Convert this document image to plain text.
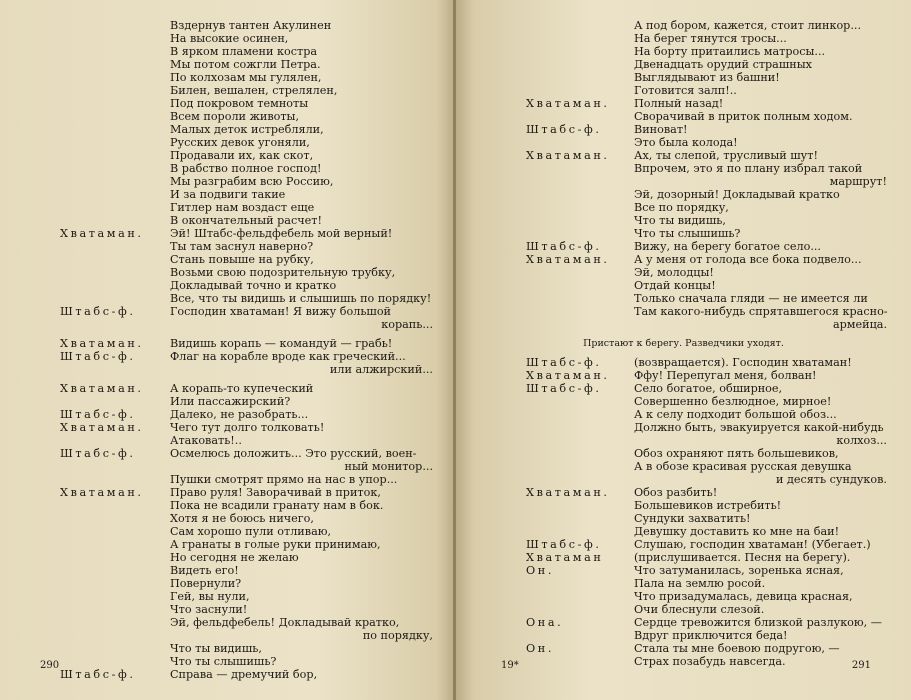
Вздернув тантен Акулинен
На высокие осинен,
В ярком пламени костра
Мы потом сожгли Петра.
По колхозам мы гулялен,
Билен, вешален, стрелялен,
Под покровом темноты
Всем пороли животы,
Малых деток истребляли,
Русских девок угоняли,
Продавали их, как скот,
В рабство полное господ!
Мы разграбим всю Россию,
И за подвиги такие
Гитлер нам воздаст еще
В окончательный расчет!
Хватаман. Эй! Штабс-фельдфебель мой верный!
Ты там заснул наверно?
Стань повыше на рубку,
Возьми свою подозрительную трубку,
Докладывай точно и кратко
Все, что ты видишь и слышишь по порядку!
Штабс-ф.	Господин хватаман! Я вижу большой
корапь...
Хватаман. Видишь корапь — командуй — грабь!
Штабс-ф.	Флаг на корабле вроде как греческий...
или алжирский...
Хватаман. А корапь-то купеческий
Или пассажирский?
Штабс-ф.	Далеко, не разобрать...
Хватаман. Чего тут долго толковать!
Атаковать!..
Штабс-ф.	Осмелюсь доложить... Это русский, воен-
ный монитор...
Пушки смотрят прямо на нас в упор...
Хватаман. Право руля! Заворачивай в приток,
Пока не всадили гранату нам в бок.
Хотя я не боюсь ничего,
Сам хорошо пули отливаю,
А гранаты в голые руки принимаю,
Но сегодня не желаю
Видеть его!
Повернули?
Гей, вы нули,
Что заснули!
Эй, фельдфебель! Докладывай кратко,
по порядку,
Что ты видишь,
Что ты слышишь?
Штабс-ф.	Справа — дремучий бор,
290
А под бором, кажется, стоит линкор...
На берег тянутся тросы...
На борту притаились матросы...
Двенадцать орудий страшных
Выглядывают из башни!
Готовится залп!..
Хватаман. Полный назад!
Сворачивай в приток полным ходом.
Штабс-ф.	Виноват!
Это была колода!
Хватаман. Ах, ты слепой, трусливый шут!
Впрочем, это я по плану избрал такой
маршрут!
Эй, дозорный! Докладывай кратко
Все по порядку,
Что ты видишь,
Что ты слышишь?
Штабс-ф.	Вижу, на берегу богатое село...
Хватаман. А у меня от голода все бока подвело...
Эй, молодцы!
Отдай концы!
Только сначала гляди — не имеется ли
Там какого-нибудь спрятавшегося красно-
армейца.
Пристают к берегу. Разведчики уходят.
Штабс-ф.	(возвращается). Господин хватаман!
Хватаман. Ффу! Перепугал меня, болван!
Штабс-ф.	Село богатое, обширное,
Совершенно безлюдное, мирное!
А к селу подходит большой обоз...
Должно быть, эвакуируется какой-нибудь
колхоз...
Обоз охраняют пять большевиков,
А в обозе красивая русская девушка
и десять сундуков.
Хватаман. Обоз разбить!
Большевиков истребить!
Сундуки захватить!
Девушку доставить ко мне на баи!
Штабс-ф.	Слушаю, господин хватаман! (Убегает.)
Хватаман	(прислушивается. Песня на берегу).
Он.	Что затуманилась, зоренька ясная,
Пала на землю росой.
Что призадумалась, девица красная,
Очи блеснули слезой.
Она.	Сердце тревожится близкой разлукою, —
Вдруг приключится беда!
Он.	Стала ты мне боевою подругою, —
Страх позабудь навсегда.
19*	291
